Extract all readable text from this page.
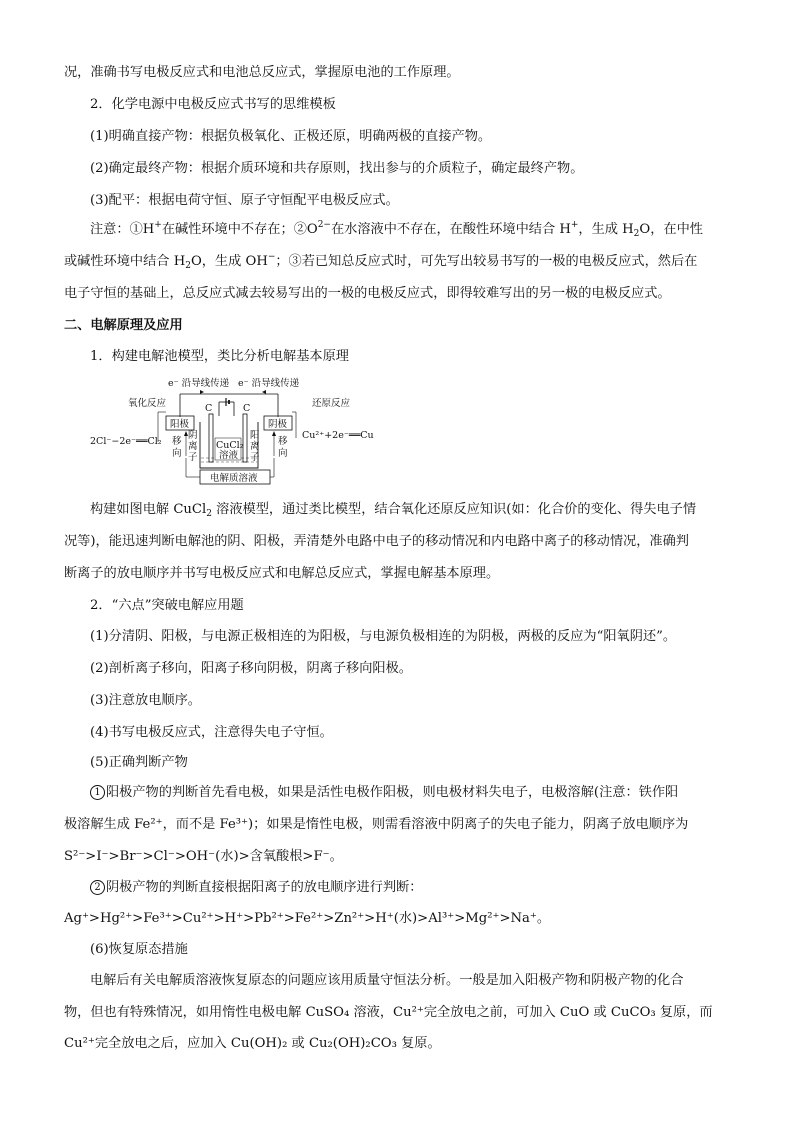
况，准确书写电极反应式和电池总反应式，掌握原电池的工作原理。
2．化学电源中电极反应式书写的思维模板
(1)明确直接产物：根据负极氧化、正极还原，明确两极的直接产物。
(2)确定最终产物：根据介质环境和共存原则，找出参与的介质粒子，确定最终产物。
(3)配平：根据电荷守恒、原子守恒配平电极反应式。
注意：①H+在碱性环境中不存在；$②O^{2-}$在水溶液中不存在，在酸性环境中结合 H+，生成 $H_2O$，在中性
或碱性环境中结合 $H_2O$，生成 OH−；③若已知总反应式时，可先写出较易书写的一极的电极反应式，然后在
电子守恒的基础上，总反应式减去较易写出的一极的电极反应式，即得较难写出的另一极的电极反应式。
二、电解原理及应用
1．构建电解池模型，类比分析电解基本原理
e⁻ 沿导线传递 e⁻ 沿导线传递
氧化反应	还原反应
阳极	阴极
C	C
2Cl⁻−2e⁻══Cl₂
Cu²⁺+2e⁻══Cu
移
向
阴
离
子
CuCl₂
溶液
阳
离
子
移
向
电解质溶液
构建如图电解 CuCl$_2$ 溶液模型，通过类比模型，结合氧化还原反应知识(如：化合价的变化、得失电子情
况等)，能迅速判断电解池的阴、阳极，弄清楚外电路中电子的移动情况和内电路中离子的移动情况，准确判
断离子的放电顺序并书写电极反应式和电解总反应式，掌握电解基本原理。
2．“六点”突破电解应用题
(1)分清阴、阳极，与电源正极相连的为阳极，与电源负极相连的为阴极，两极的反应为“阳氧阴还”。
(2)剖析离子移向，阳离子移向阴极，阴离子移向阳极。
(3)注意放电顺序。
(4)书写电极反应式，注意得失电子守恒。
(5)正确判断产物
1 阳极产物的判断首先看电极，如果是活性电极作阳极，则电极材料失电子，电极溶解(注意：铁作阳
极溶解生成 Fe²⁺，而不是 Fe³⁺)；如果是惰性电极，则需看溶液中阴离子的失电子能力，阴离子放电顺序为
S²⁻>I⁻>Br⁻>Cl⁻>OH⁻(水)>含氧酸根>F⁻。
2 阴极产物的判断直接根据阳离子的放电顺序进行判断：
Ag⁺>Hg²⁺>Fe³⁺>Cu²⁺>H⁺>Pb²⁺>Fe²⁺>Zn²⁺>H⁺(水)>Al³⁺>Mg²⁺>Na⁺。
(6)恢复原态措施
电解后有关电解质溶液恢复原态的问题应该用质量守恒法分析。一般是加入阳极产物和阴极产物的化合
物，但也有特殊情况，如用惰性电极电解 CuSO₄ 溶液，Cu²⁺完全放电之前，可加入 CuO 或 CuCO₃ 复原，而
Cu²⁺完全放电之后，应加入 Cu(OH)₂ 或 Cu₂(OH)₂CO₃ 复原。
